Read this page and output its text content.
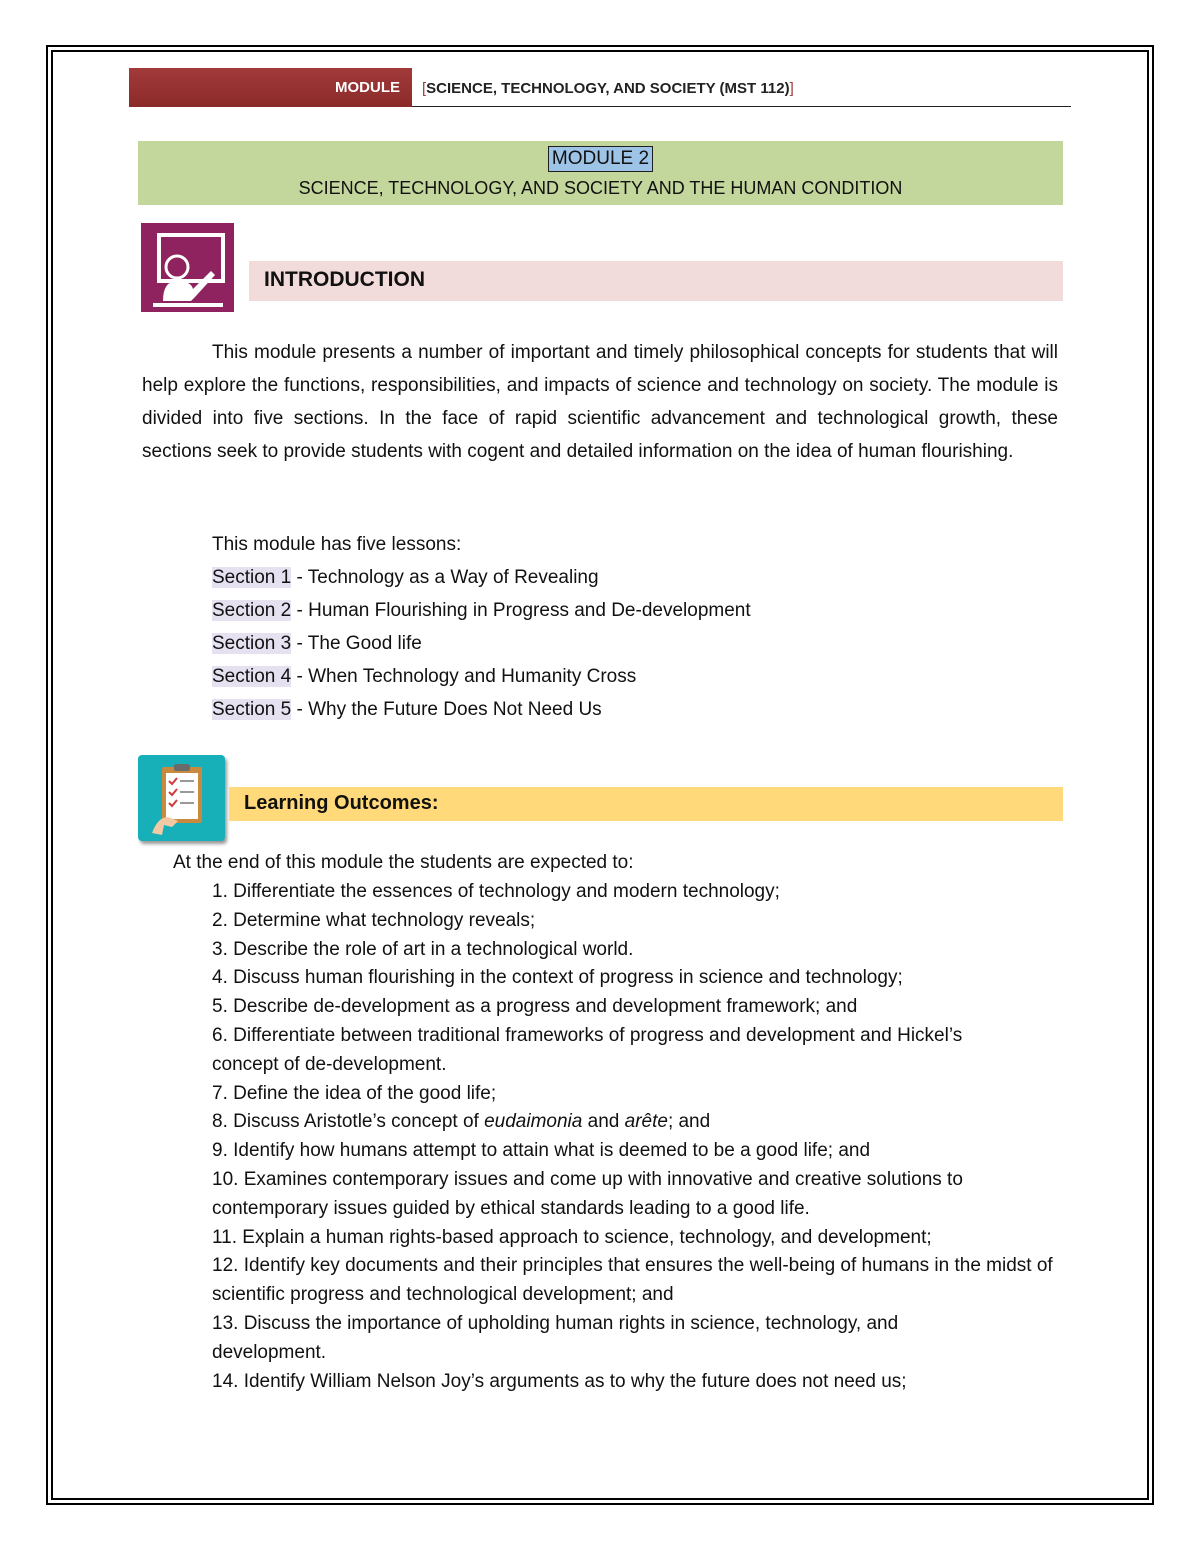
MODULE [SCIENCE, TECHNOLOGY, AND SOCIETY (MST 112)]
MODULE 2
SCIENCE, TECHNOLOGY, AND SOCIETY AND THE HUMAN CONDITION
INTRODUCTION
This module presents a number of important and timely philosophical concepts for students that will help explore the functions, responsibilities, and impacts of science and technology on society. The module is divided into five sections. In the face of rapid scientific advancement and technological growth, these sections seek to provide students with cogent and detailed information on the idea of human flourishing.
This module has five lessons:
Section 1 - Technology as a Way of Revealing
Section 2 - Human Flourishing in Progress and De-development
Section 3 - The Good life
Section 4 - When Technology and Humanity Cross
Section 5 - Why the Future Does Not Need Us
Learning Outcomes:
At the end of this module the students are expected to:
1. Differentiate the essences of technology and modern technology;
2. Determine what technology reveals;
3. Describe the role of art in a technological world.
4. Discuss human flourishing in the context of progress in science and technology;
5. Describe de-development as a progress and development framework; and
6. Differentiate between traditional frameworks of progress and development and Hickel’s concept of de-development.
7. Define the idea of the good life;
8. Discuss Aristotle’s concept of eudaimonia and arête; and
9. Identify how humans attempt to attain what is deemed to be a good life; and
10. Examines contemporary issues and come up with innovative and creative solutions to contemporary issues guided by ethical standards leading to a good life.
11. Explain a human rights-based approach to science, technology, and development;
12. Identify key documents and their principles that ensures the well-being of humans in the midst of scientific progress and technological development; and
13. Discuss the importance of upholding human rights in science, technology, and development.
14. Identify William Nelson Joy’s arguments as to why the future does not need us;
